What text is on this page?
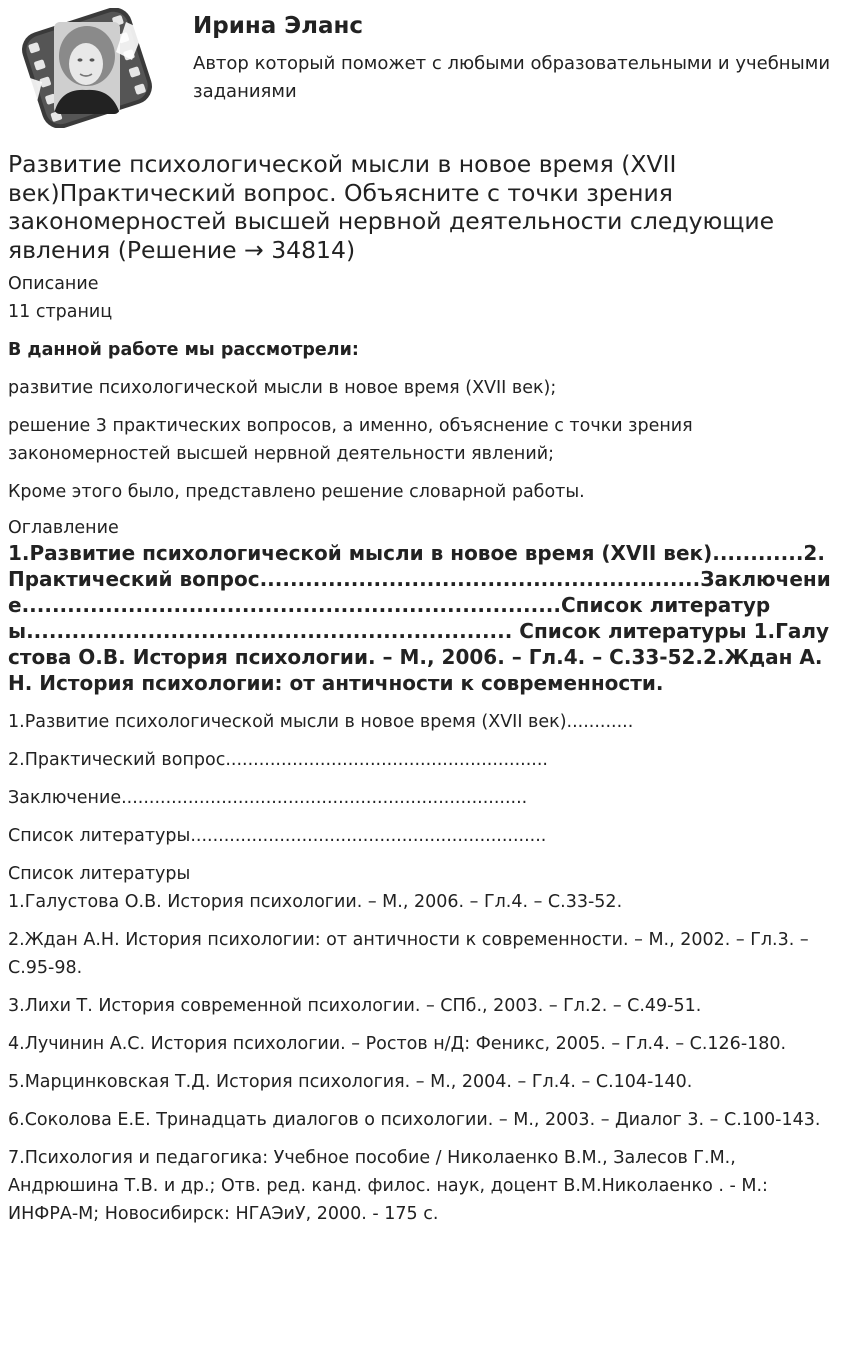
Ирина Эланс

Автор который поможет с любыми образовательными и учебными заданиями

Развитие психологической мысли в новое время (XVII век)Практический вопрос. Объясните с точки зрения закономерностей высшей нервной деятельности следующие явления (Решение → 34814)

Описание

11 страниц

В данной работе мы рассмотрели:

развитие психологической мысли в новое время (XVII век);

решение 3 практических вопросов, а именно, объяснение с точки зрения закономерностей высшей нервной деятельности явлений;

Кроме этого было, представлено решение словарной работы.

Оглавление

1.Развитие психологической мысли в новое время (XVII век)............2.Практический вопрос..........................................................Заключение.......................................................................Список литературы................................................................ Список литературы 1.Галустова О.В. История психологии. – М., 2006. – Гл.4. – С.33-52.2.Ждан А.Н. История психологии: от античности к современности.

1.Развитие психологической мысли в новое время (XVII век)............

2.Практический вопрос..........................................................

Заключение.........................................................................

Список литературы................................................................

Список литературы

1.Галустова О.В. История психологии. – М., 2006. – Гл.4. – С.33-52.
2.Ждан А.Н. История психологии: от античности к современности. – М., 2002. – Гл.3. – С.95-98.
3.Лихи Т. История современной психологии. – СПб., 2003. – Гл.2. – С.49-51.
4.Лучинин А.С. История психологии. – Ростов н/Д: Феникс, 2005. – Гл.4. – С.126-180.
5.Марцинковская Т.Д. История психология. – М., 2004. – Гл.4. – С.104-140.
6.Соколова Е.Е. Тринадцать диалогов о психологии. – М., 2003. – Диалог 3. – С.100-143.
7.Психология и педагогика: Учебное пособие / Николаенко В.М., Залесов Г.М., Андрюшина Т.В. и др.; Отв. ред. канд. филос. наук, доцент В.М.Николаенко . - М.: ИНФРА-М; Новосибирск: НГАЭиУ, 2000. - 175 с.
